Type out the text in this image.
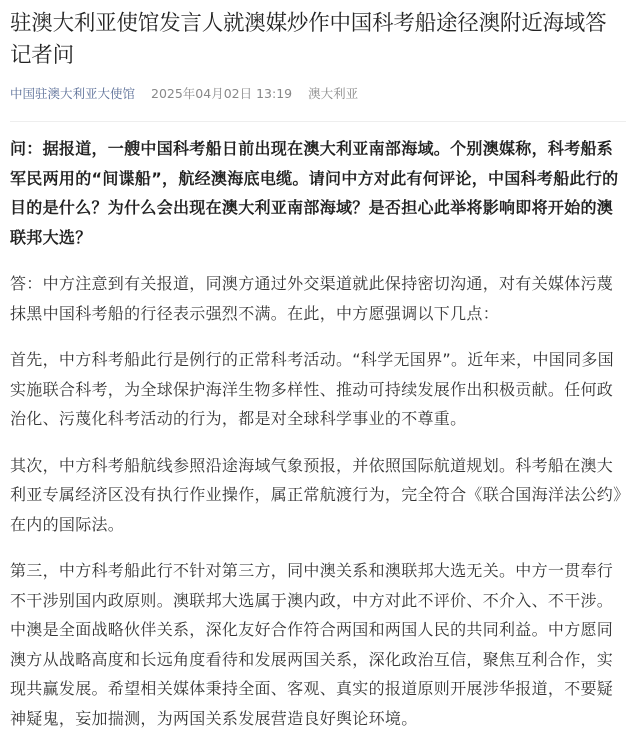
驻澳大利亚使馆发言人就澳媒炒作中国科考船途径澳附近海域答记者问
中国驻澳大利亚大使馆 2025年04月02日 13:19 澳大利亚

问：据报道，一艘中国科考船日前出现在澳大利亚南部海域。个别澳媒称，科考船系军民两用的“间谍船”，航经澳海底电缆。请问中方对此有何评论，中国科考船此行的目的是什么？为什么会出现在澳大利亚南部海域？是否担心此举将影响即将开始的澳联邦大选？

答：中方注意到有关报道，同澳方通过外交渠道就此保持密切沟通，对有关媒体污蔑抹黑中国科考船的行径表示强烈不满。在此，中方愿强调以下几点：

首先，中方科考船此行是例行的正常科考活动。“科学无国界”。近年来，中国同多国实施联合科考，为全球保护海洋生物多样性、推动可持续发展作出积极贡献。任何政治化、污蔑化科考活动的行为，都是对全球科学事业的不尊重。

其次，中方科考船航线参照沿途海域气象预报，并依照国际航道规划。科考船在澳大利亚专属经济区没有执行作业操作，属正常航渡行为，完全符合《联合国海洋法公约》在内的国际法。

第三，中方科考船此行不针对第三方，同中澳关系和澳联邦大选无关。中方一贯奉行不干涉别国内政原则。澳联邦大选属于澳内政，中方对此不评价、不介入、不干涉。中澳是全面战略伙伴关系，深化友好合作符合两国和两国人民的共同利益。中方愿同澳方从战略高度和长远角度看待和发展两国关系，深化政治互信，聚焦互利合作，实现共赢发展。希望相关媒体秉持全面、客观、真实的报道原则开展涉华报道，不要疑神疑鬼，妄加揣测，为两国关系发展营造良好舆论环境。
